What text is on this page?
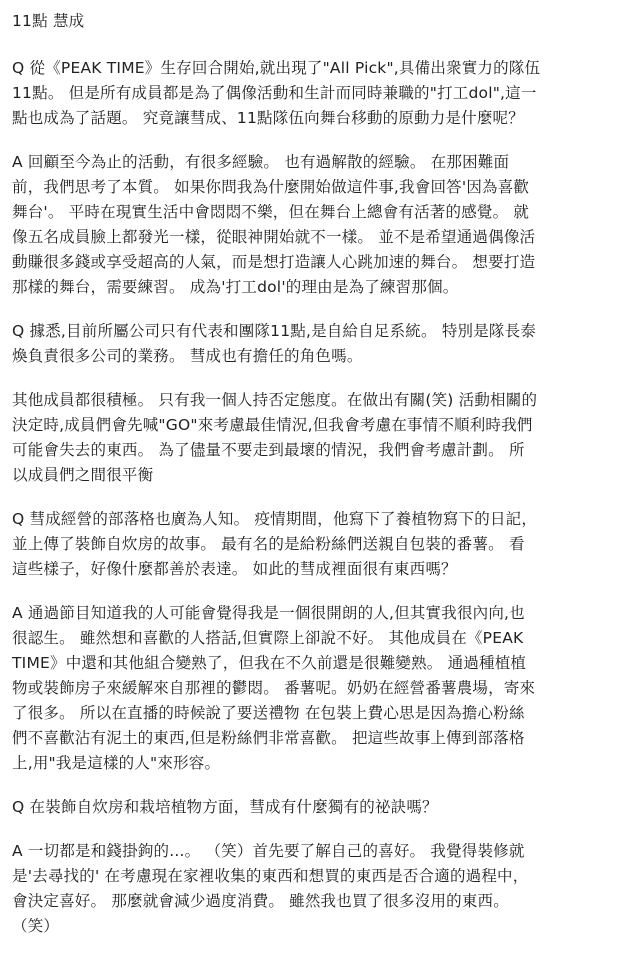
11點 慧成
Q 從《PEAK TIME》生存回合開始,就出現了"All Pick",具備出衆實力的隊伍
11點。 但是所有成員都是為了偶像活動和生計而同時兼職的"打工dol",這一
點也成為了話題。 究竟讓彗成、11點隊伍向舞台移動的原動力是什麼呢？
A 回顧至今為止的活動，有很多經驗。 也有過解散的經驗。 在那困難面
前，我們思考了本質。 如果你問我為什麼開始做這件事,我會回答'因為喜歡
舞台'。 平時在現實生活中會悶悶不樂，但在舞台上總會有活著的感覺。 就
像五名成員臉上都發光一樣，從眼神開始就不一樣。 並不是希望通過偶像活
動賺很多錢或享受超高的人氣，而是想打造讓人心跳加速的舞台。 想要打造
那樣的舞台，需要練習。 成為'打工dol'的理由是為了練習那個。
Q 據悉,目前所屬公司只有代表和團隊11點,是自給自足系統。 特別是隊長泰
煥負責很多公司的業務。 彗成也有擔任的角色嗎。
其他成員都很積極。 只有我一個人持否定態度。在做出有關(笑) 活動相關的
決定時,成員們會先喊"GO"來考慮最佳情況,但我會考慮在事情不順利時我們
可能會失去的東西。 為了儘量不要走到最壞的情況，我們會考慮計劃。 所
以成員們之間很平衡
Q 彗成經營的部落格也廣為人知。 疫情期間，他寫下了養植物寫下的日記，
並上傳了裝飾自炊房的故事。 最有名的是給粉絲們送親自包裝的番薯。 看
這些樣子，好像什麼都善於表達。 如此的彗成裡面很有東西嗎？
A 通過節目知道我的人可能會覺得我是一個很開朗的人,但其實我很內向,也
很認生。 雖然想和喜歡的人搭話,但實際上卻說不好。 其他成員在《PEAK
TIME》中還和其他組合變熟了，但我在不久前還是很難變熟。 通過種植植
物或裝飾房子來緩解來自那裡的鬱悶。 番薯呢。奶奶在經營番薯農場，寄來
了很多。 所以在直播的時候說了要送禮物 在包裝上費心思是因為擔心粉絲
們不喜歡沾有泥土的東西,但是粉絲們非常喜歡。 把這些故事上傳到部落格
上,用"我是這樣的人"來形容。
Q 在裝飾自炊房和栽培植物方面，彗成有什麼獨有的祕訣嗎？
A 一切都是和錢掛鉤的...。 （笑）首先要了解自己的喜好。 我覺得裝修就
是'去尋找的' 在考慮現在家裡收集的東西和想買的東西是否合適的過程中，
會決定喜好。 那麼就會減少過度消費。 雖然我也買了很多沒用的東西。
（笑）
